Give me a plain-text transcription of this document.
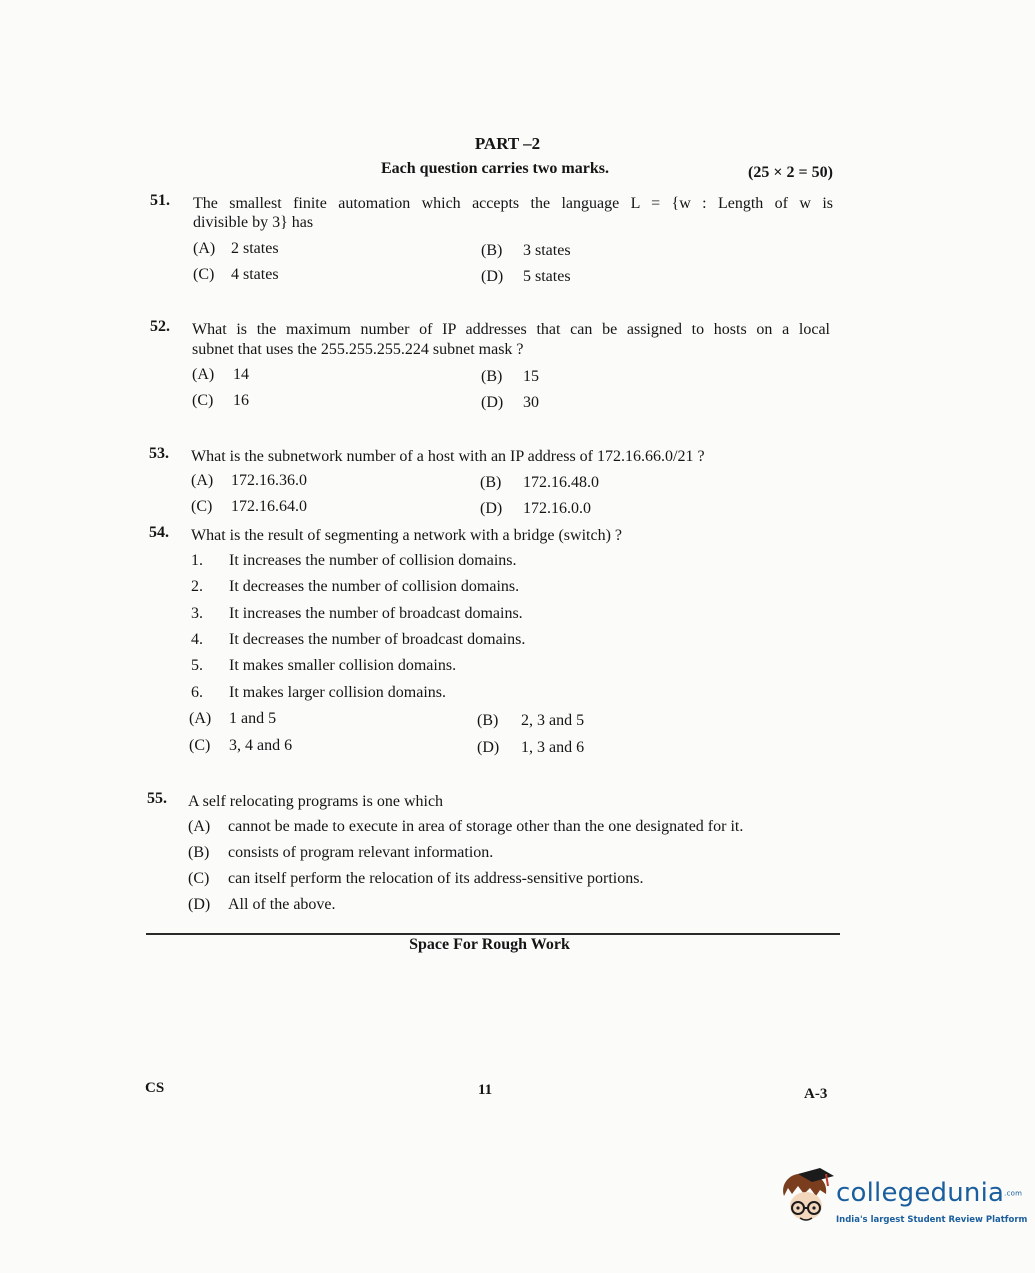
PART –2
Each question carries two marks.	(25 × 2 = 50)
51. The smallest finite automation which accepts the language L = {w : Length of w is
divisible by 3} has
(A) 2 states	(B) 3 states
(C) 4 states	(D) 5 states
52. What is the maximum number of IP addresses that can be assigned to hosts on a local
subnet that uses the 255.255.255.224 subnet mask ?
(A) 14	(B) 15
(C) 16	(D) 30
53. What is the subnetwork number of a host with an IP address of 172.16.66.0/21 ?
(A) 172.16.36.0	(B) 172.16.48.0
(C) 172.16.64.0	(D) 172.16.0.0
54. What is the result of segmenting a network with a bridge (switch) ?
1. It increases the number of collision domains.
2. It decreases the number of collision domains.
3. It increases the number of broadcast domains.
4. It decreases the number of broadcast domains.
5. It makes smaller collision domains.
6. It makes larger collision domains.
(A) 1 and 5	(B) 2, 3 and 5
(C) 3, 4 and 6	(D) 1, 3 and 6
55. A self relocating programs is one which
(A) cannot be made to execute in area of storage other than the one designated for it.
(B) consists of program relevant information.
(C) can itself perform the relocation of its address-sensitive portions.
(D) All of the above.
Space For Rough Work
CS	11	A-3
collegedunia.com
India's largest Student Review Platform
